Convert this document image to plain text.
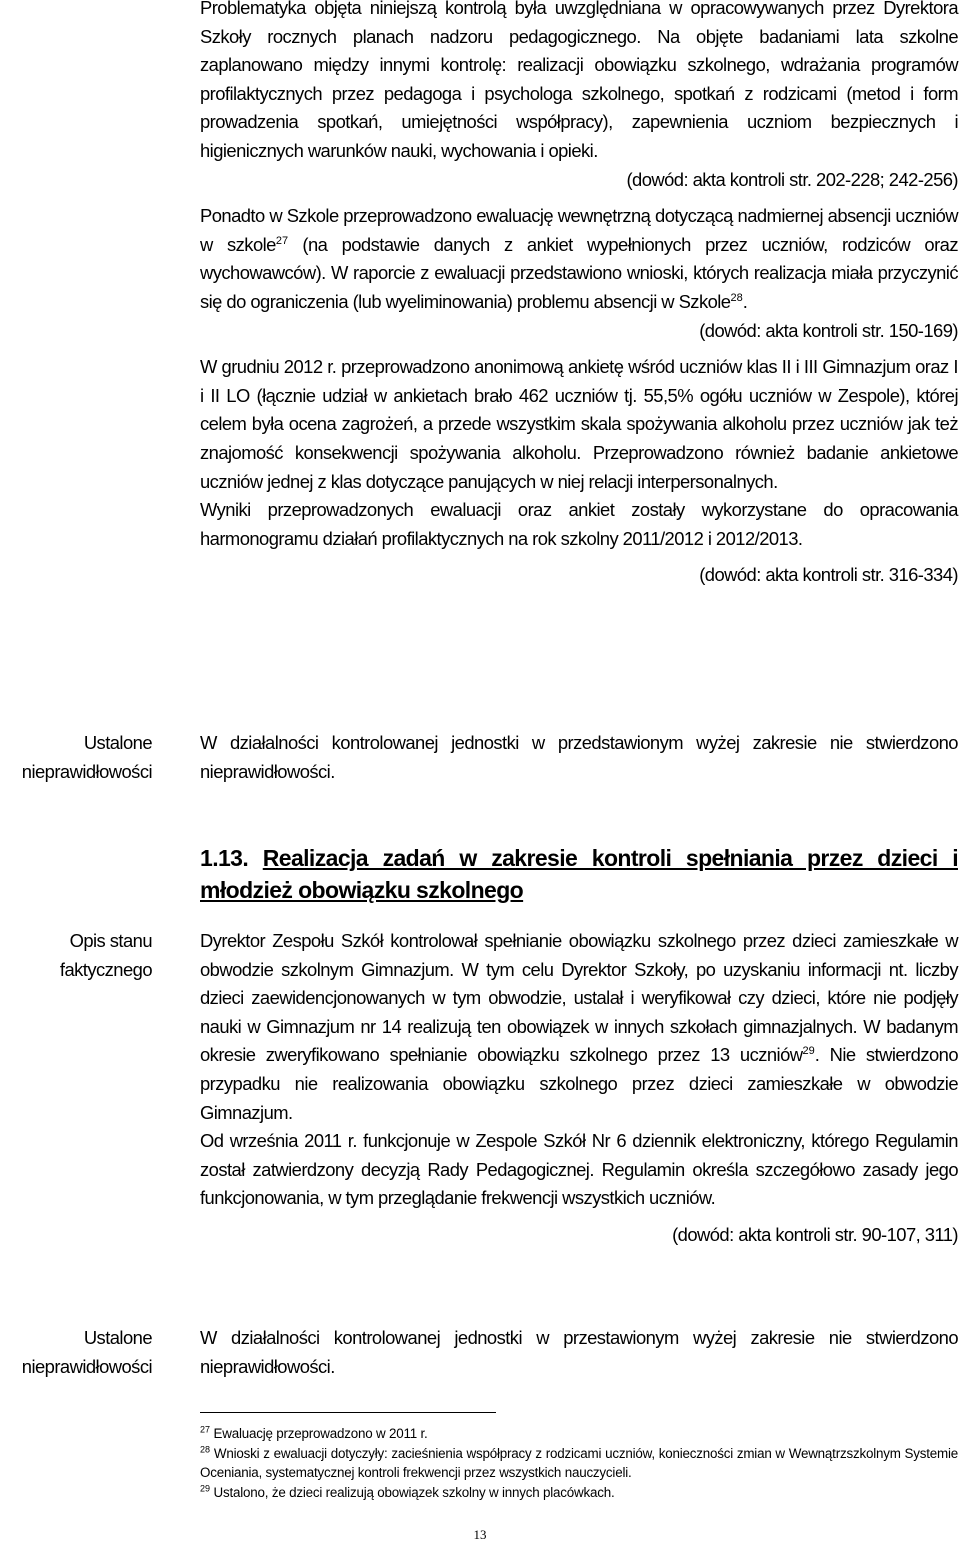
Problematyka objęta niniejszą kontrolą była uwzględniana w opracowywanych przez Dyrektora Szkoły rocznych planach nadzoru pedagogicznego. Na objęte badaniami lata szkolne zaplanowano między innymi kontrolę: realizacji obowiązku szkolnego, wdrażania programów profilaktycznych przez pedagoga i psychologa szkolnego, spotkań z rodzicami (metod i form prowadzenia spotkań, umiejętności współpracy), zapewnienia uczniom bezpiecznych i higienicznych warunków nauki, wychowania i opieki.

(dowód: akta kontroli str. 202-228; 242-256)

Ponadto w Szkole przeprowadzono ewaluację wewnętrzną dotyczącą nadmiernej absencji uczniów w szkole$^{27}$ (na podstawie danych z ankiet wypełnionych przez uczniów, rodziców oraz wychowawców). W raporcie z ewaluacji przedstawiono wnioski, których realizacja miała przyczynić się do ograniczenia (lub wyeliminowania) problemu absencji w Szkole$^{28}$.

(dowód: akta kontroli str. 150-169)

W grudniu 2012 r. przeprowadzono anonimową ankietę wśród uczniów klas II i III Gimnazjum oraz I i II LO (łącznie udział w ankietach brało 462 uczniów tj. 55,5% ogółu uczniów w Zespole), której celem była ocena zagrożeń, a przede wszystkim skala spożywania alkoholu przez uczniów jak też znajomość konsekwencji spożywania alkoholu. Przeprowadzono również badanie ankietowe uczniów jednej z klas dotyczące panujących w niej relacji interpersonalnych.

Wyniki przeprowadzonych ewaluacji oraz ankiet zostały wykorzystane do opracowania harmonogramu działań profilaktycznych na rok szkolny 2011/2012 i 2012/2013.

(dowód: akta kontroli str. 316-334)

Ustalone nieprawidłowości
W działalności kontrolowanej jednostki w przedstawionym wyżej zakresie nie stwierdzono nieprawidłowości.
1.13. Realizacja zadań w zakresie kontroli spełniania przez dzieci i młodzież obowiązku szkolnego
Opis stanu faktycznego

Dyrektor Zespołu Szkół kontrolował spełnianie obowiązku szkolnego przez dzieci zamieszkałe w obwodzie szkolnym Gimnazjum. W tym celu Dyrektor Szkoły, po uzyskaniu informacji nt. liczby dzieci zaewidencjonowanych w tym obwodzie, ustalał i weryfikował czy dzieci, które nie podjęły nauki w Gimnazjum nr 14 realizują ten obowiązek w innych szkołach gimnazjalnych. W badanym okresie zweryfikowano spełnianie obowiązku szkolnego przez 13 uczniów$^{29}$. Nie stwierdzono przypadku nie realizowania obowiązku szkolnego przez dzieci zamieszkałe w obwodzie Gimnazjum.

Od września 2011 r. funkcjonuje w Zespole Szkół Nr 6 dziennik elektroniczny, którego Regulamin został zatwierdzony decyzją Rady Pedagogicznej. Regulamin określa szczegółowo zasady jego funkcjonowania, w tym przeglądanie frekwencji wszystkich uczniów.

(dowód: akta kontroli str. 90-107, 311)

Ustalone nieprawidłowości
W działalności kontrolowanej jednostki w przestawionym wyżej zakresie nie stwierdzono nieprawidłowości.

$^{27}$ Ewaluację przeprowadzono w 2011 r.

$^{28}$ Wnioski z ewaluacji dotyczyły: zacieśnienia współpracy z rodzicami uczniów, konieczności zmian w Wewnątrzszkolnym Systemie Oceniania, systematycznej kontroli frekwencji przez wszystkich nauczycieli.

$^{29}$ Ustalono, że dzieci realizują obowiązek szkolny w innych placówkach.

13
